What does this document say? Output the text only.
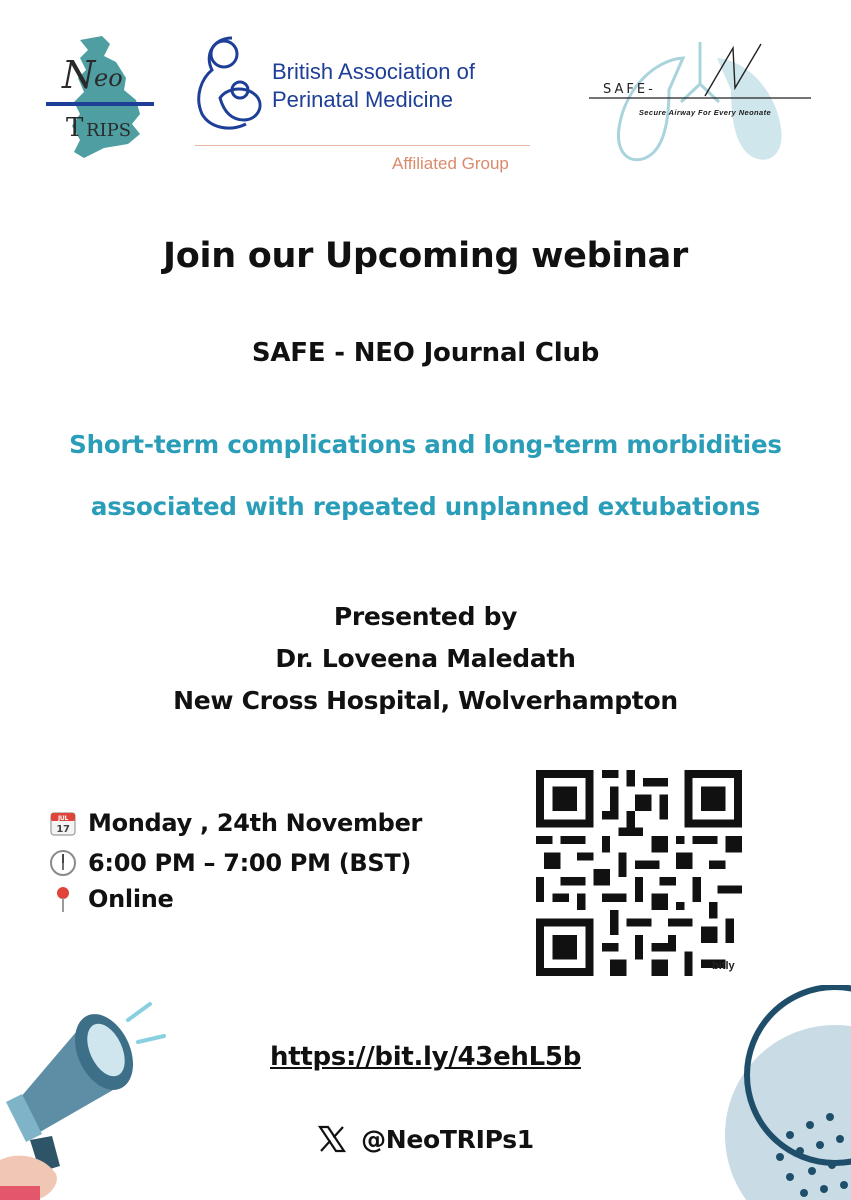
N
eo
T RIPS
British Association of
Perinatal Medicine
Affiliated Group
SAFE-
Secure Airway For Every Neonate
Join our Upcoming webinar
SAFE - NEO Journal Club
Short-term complications and long-term morbidities
associated with repeated unplanned extubations
Presented by
Dr. Loveena Maledath
New Cross Hospital, Wolverhampton
JUL
17 Monday , 24th November
6:00 PM – 7:00 PM (BST)
Online
bitly
https://bit.ly/43ehL5b
@NeoTRIPs1
